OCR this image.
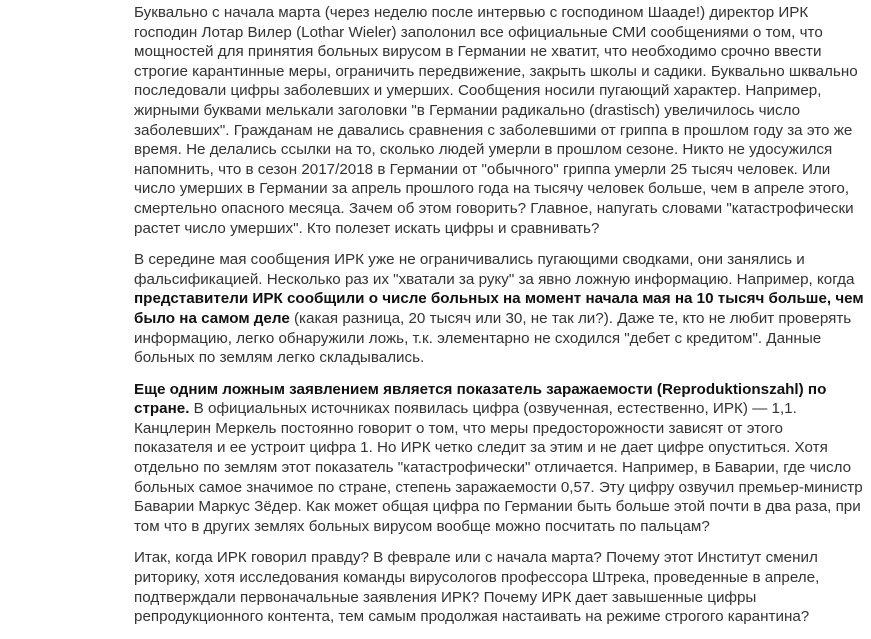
Буквально с начала марта (через неделю после интервью с господином Шааде!) директор ИРК господин Лотар Вилер (Lothar Wieler) заполонил все официальные СМИ сообщениями о том, что мощностей для принятия больных вирусом в Германии не хватит, что необходимо срочно ввести строгие карантинные меры, ограничить передвижение, закрыть школы и садики. Буквально шквально последовали цифры заболевших и умерших. Сообщения носили пугающий характер. Например, жирными буквами мелькали заголовки "в Германии радикально (drastisch) увеличилось число заболевших". Гражданам не давались сравнения с заболевшими от гриппа в прошлом году за это же время. Не делались ссылки на то, сколько людей умерли в прошлом сезоне. Никто не удосужился напомнить, что в сезон 2017/2018 в Германии от "обычного" гриппа умерли 25 тысяч человек. Или число умерших в Германии за апрель прошлого года на тысячу человек больше, чем в апреле этого, смертельно опасного месяца. Зачем об этом говорить? Главное, напугать словами "катастрофически растет число умерших". Кто полезет искать цифры и сравнивать?

В середине мая сообщения ИРК уже не ограничивались пугающими сводками, они занялись и фальсификацией. Несколько раз их "хватали за руку" за явно ложную информацию. Например, когда представители ИРК сообщили о числе больных на момент начала мая на 10 тысяч больше, чем было на самом деле (какая разница, 20 тысяч или 30, не так ли?). Даже те, кто не любит проверять информацию, легко обнаружили ложь, т.к. элементарно не сходился "дебет с кредитом". Данные больных по землям легко складывались.

Еще одним ложным заявлением является показатель заражаемости (Reproduktionszahl) по стране. В официальных источниках появилась цифра (озвученная, естественно, ИРК) — 1,1. Канцлерин Меркель постоянно говорит о том, что меры предосторожности зависят от этого показателя и ее устроит цифра 1. Но ИРК четко следит за этим и не дает цифре опуститься. Хотя отдельно по землям этот показатель "катастрофически" отличается. Например, в Баварии, где число больных самое значимое по стране, степень заражаемости 0,57. Эту цифру озвучил премьер-министр Баварии Маркус Зёдер. Как может общая цифра по Германии быть больше этой почти в два раза, при том что в других землях больных вирусом вообще можно посчитать по пальцам?

Итак, когда ИРК говорил правду? В феврале или с начала марта? Почему этот Институт сменил риторику, хотя исследования команды вирусологов профессора Штрека, проведенные в апреле, подтверждали первоначальные заявления ИРК? Почему ИРК дает завышенные цифры репродукционного контента, тем самым продолжая настаивать на режиме строгого карантина?
